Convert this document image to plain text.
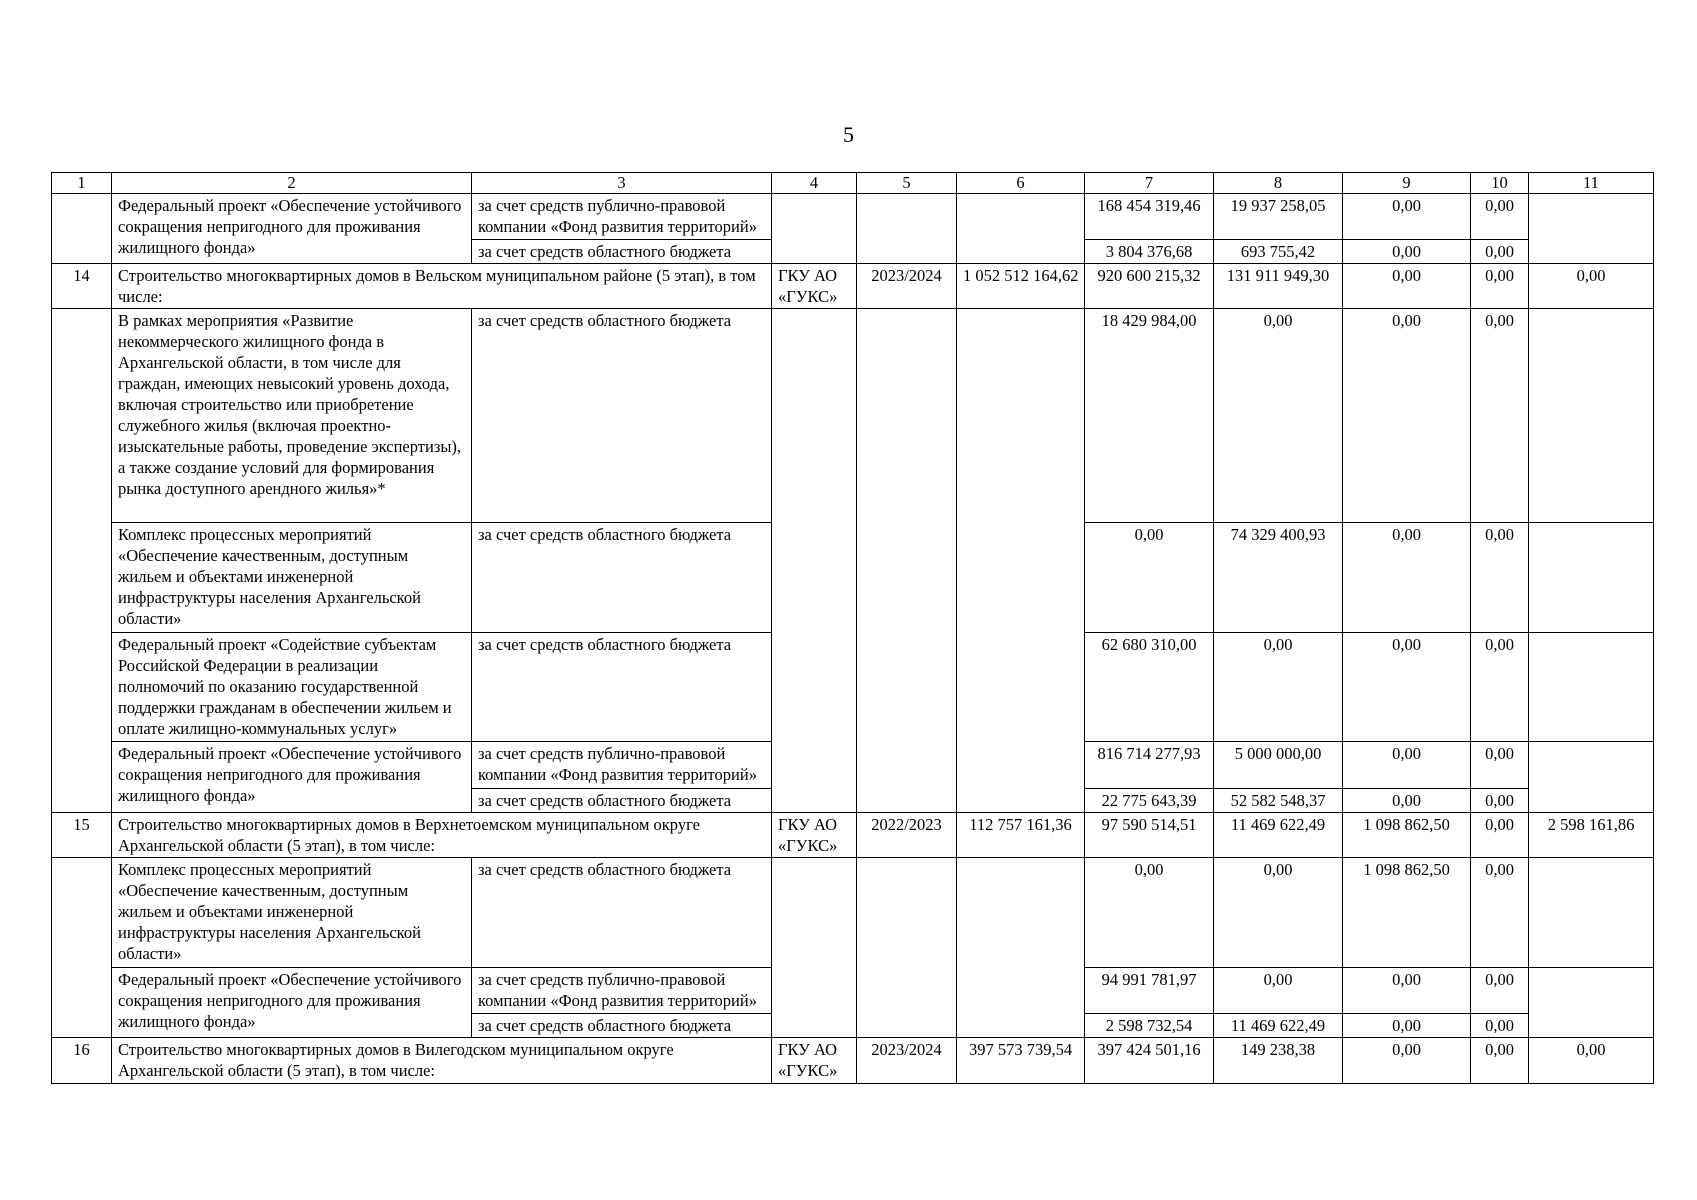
5
1	2	3	4	5	6	7	8	9	10	11
	Федеральный проект «Обеспечение устойчивого сокращения непригодного для проживания жилищного фонда»	за счет средств публично-правовой компании «Фонд развития территорий»				168 454 319,46	19 937 258,05	0,00	0,00	
		за счет средств областного бюджета				3 804 376,68	693 755,42	0,00	0,00	
14	Строительство многоквартирных домов в Вельском муниципальном районе (5 этап), в том числе:		ГКУ АО «ГУКС»	2023/2024	1 052 512 164,62	920 600 215,32	131 911 949,30	0,00	0,00	0,00
	В рамках мероприятия «Развитие некоммерческого жилищного фонда в Архангельской области, в том числе для граждан, имеющих невысокий уровень дохода, включая строительство или приобретение служебного жилья (включая проектно-изыскательные работы, проведение экспертизы), а также создание условий для формирования рынка доступного арендного жилья»*	за счет средств областного бюджета				18 429 984,00	0,00	0,00	0,00	
	Комплекс процессных мероприятий «Обеспечение качественным, доступным жильем и объектами инженерной инфраструктуры населения Архангельской области»	за счет средств областного бюджета				0,00	74 329 400,93	0,00	0,00	
	Федеральный проект «Содействие субъектам Российской Федерации в реализации полномочий по оказанию государственной поддержки гражданам в обеспечении жильем и оплате жилищно-коммунальных услуг»	за счет средств областного бюджета				62 680 310,00	0,00	0,00	0,00	
	Федеральный проект «Обеспечение устойчивого сокращения непригодного для проживания жилищного фонда»	за счет средств публично-правовой компании «Фонд развития территорий»				816 714 277,93	5 000 000,00	0,00	0,00	
		за счет средств областного бюджета				22 775 643,39	52 582 548,37	0,00	0,00	
15	Строительство многоквартирных домов в Верхнетоемском муниципальном округе Архангельской области (5 этап), в том числе:		ГКУ АО «ГУКС»	2022/2023	112 757 161,36	97 590 514,51	11 469 622,49	1 098 862,50	0,00	2 598 161,86
	Комплекс процессных мероприятий «Обеспечение качественным, доступным жильем и объектами инженерной инфраструктуры населения Архангельской области»	за счет средств областного бюджета				0,00	0,00	1 098 862,50	0,00	
	Федеральный проект «Обеспечение устойчивого сокращения непригодного для проживания жилищного фонда»	за счет средств публично-правовой компании «Фонд развития территорий»				94 991 781,97	0,00	0,00	0,00	
		за счет средств областного бюджета				2 598 732,54	11 469 622,49	0,00	0,00	
16	Строительство многоквартирных домов в Вилегодском муниципальном округе Архангельской области (5 этап), в том числе:		ГКУ АО «ГУКС»	2023/2024	397 573 739,54	397 424 501,16	149 238,38	0,00	0,00	0,00
